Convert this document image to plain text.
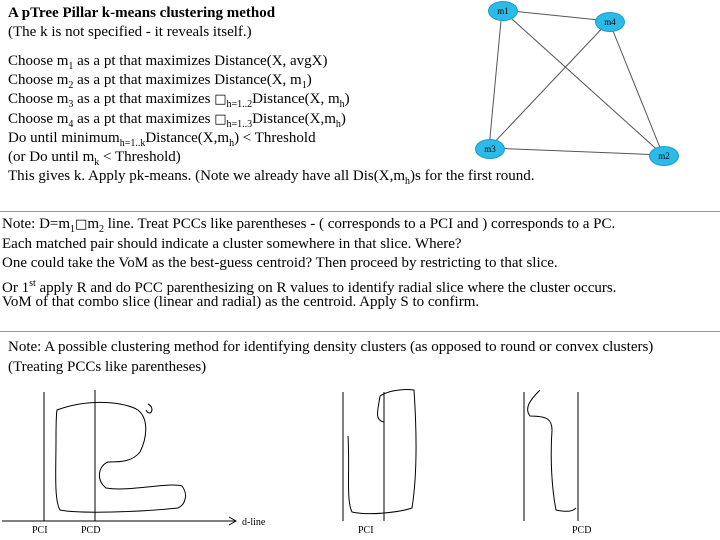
A pTree Pillar k-means clustering method
(The k is not specified - it reveals itself.)
Choose $m_1$ as a pt that maximizes Distance(X, avgX)
Choose $m_2$ as a pt that maximizes Distance(X, $m_1$)
Choose $m_3$ as a pt that maximizes $□_{h=1..2}Distance(X$, $m_h$)
Choose $m_4$ as a pt that maximizes $□_{h=1..3}Distance(X,m_h)$
Do until $minimum_{h=1..k}Distance(X,m_h)$ < Threshold
(or Do until $m_k$ < Threshold)
This gives k. Apply pk-means. (Note we already have all $Dis(X,m_h)s$ for the first round.
m1
m4
m3
m2
Note: $D=m_1□m_2$ line. Treat PCCs like parentheses - ( corresponds to a PCI and ) corresponds to a PC.
Each matched pair should indicate a cluster somewhere in that slice. Where?
One could take the VoM as the best-guess centroid? Then proceed by restricting to that slice.
Or 1st apply R and do PCC parenthesizing on R values to identify radial slice where the cluster occurs.
VoM of that combo slice (linear and radial) as the centroid. Apply S to confirm.
Note: A possible clustering method for identifying density clusters (as opposed to round or convex clusters)
(Treating PCCs like parentheses)
PCI	PCD
d-line
PCI	PCD
